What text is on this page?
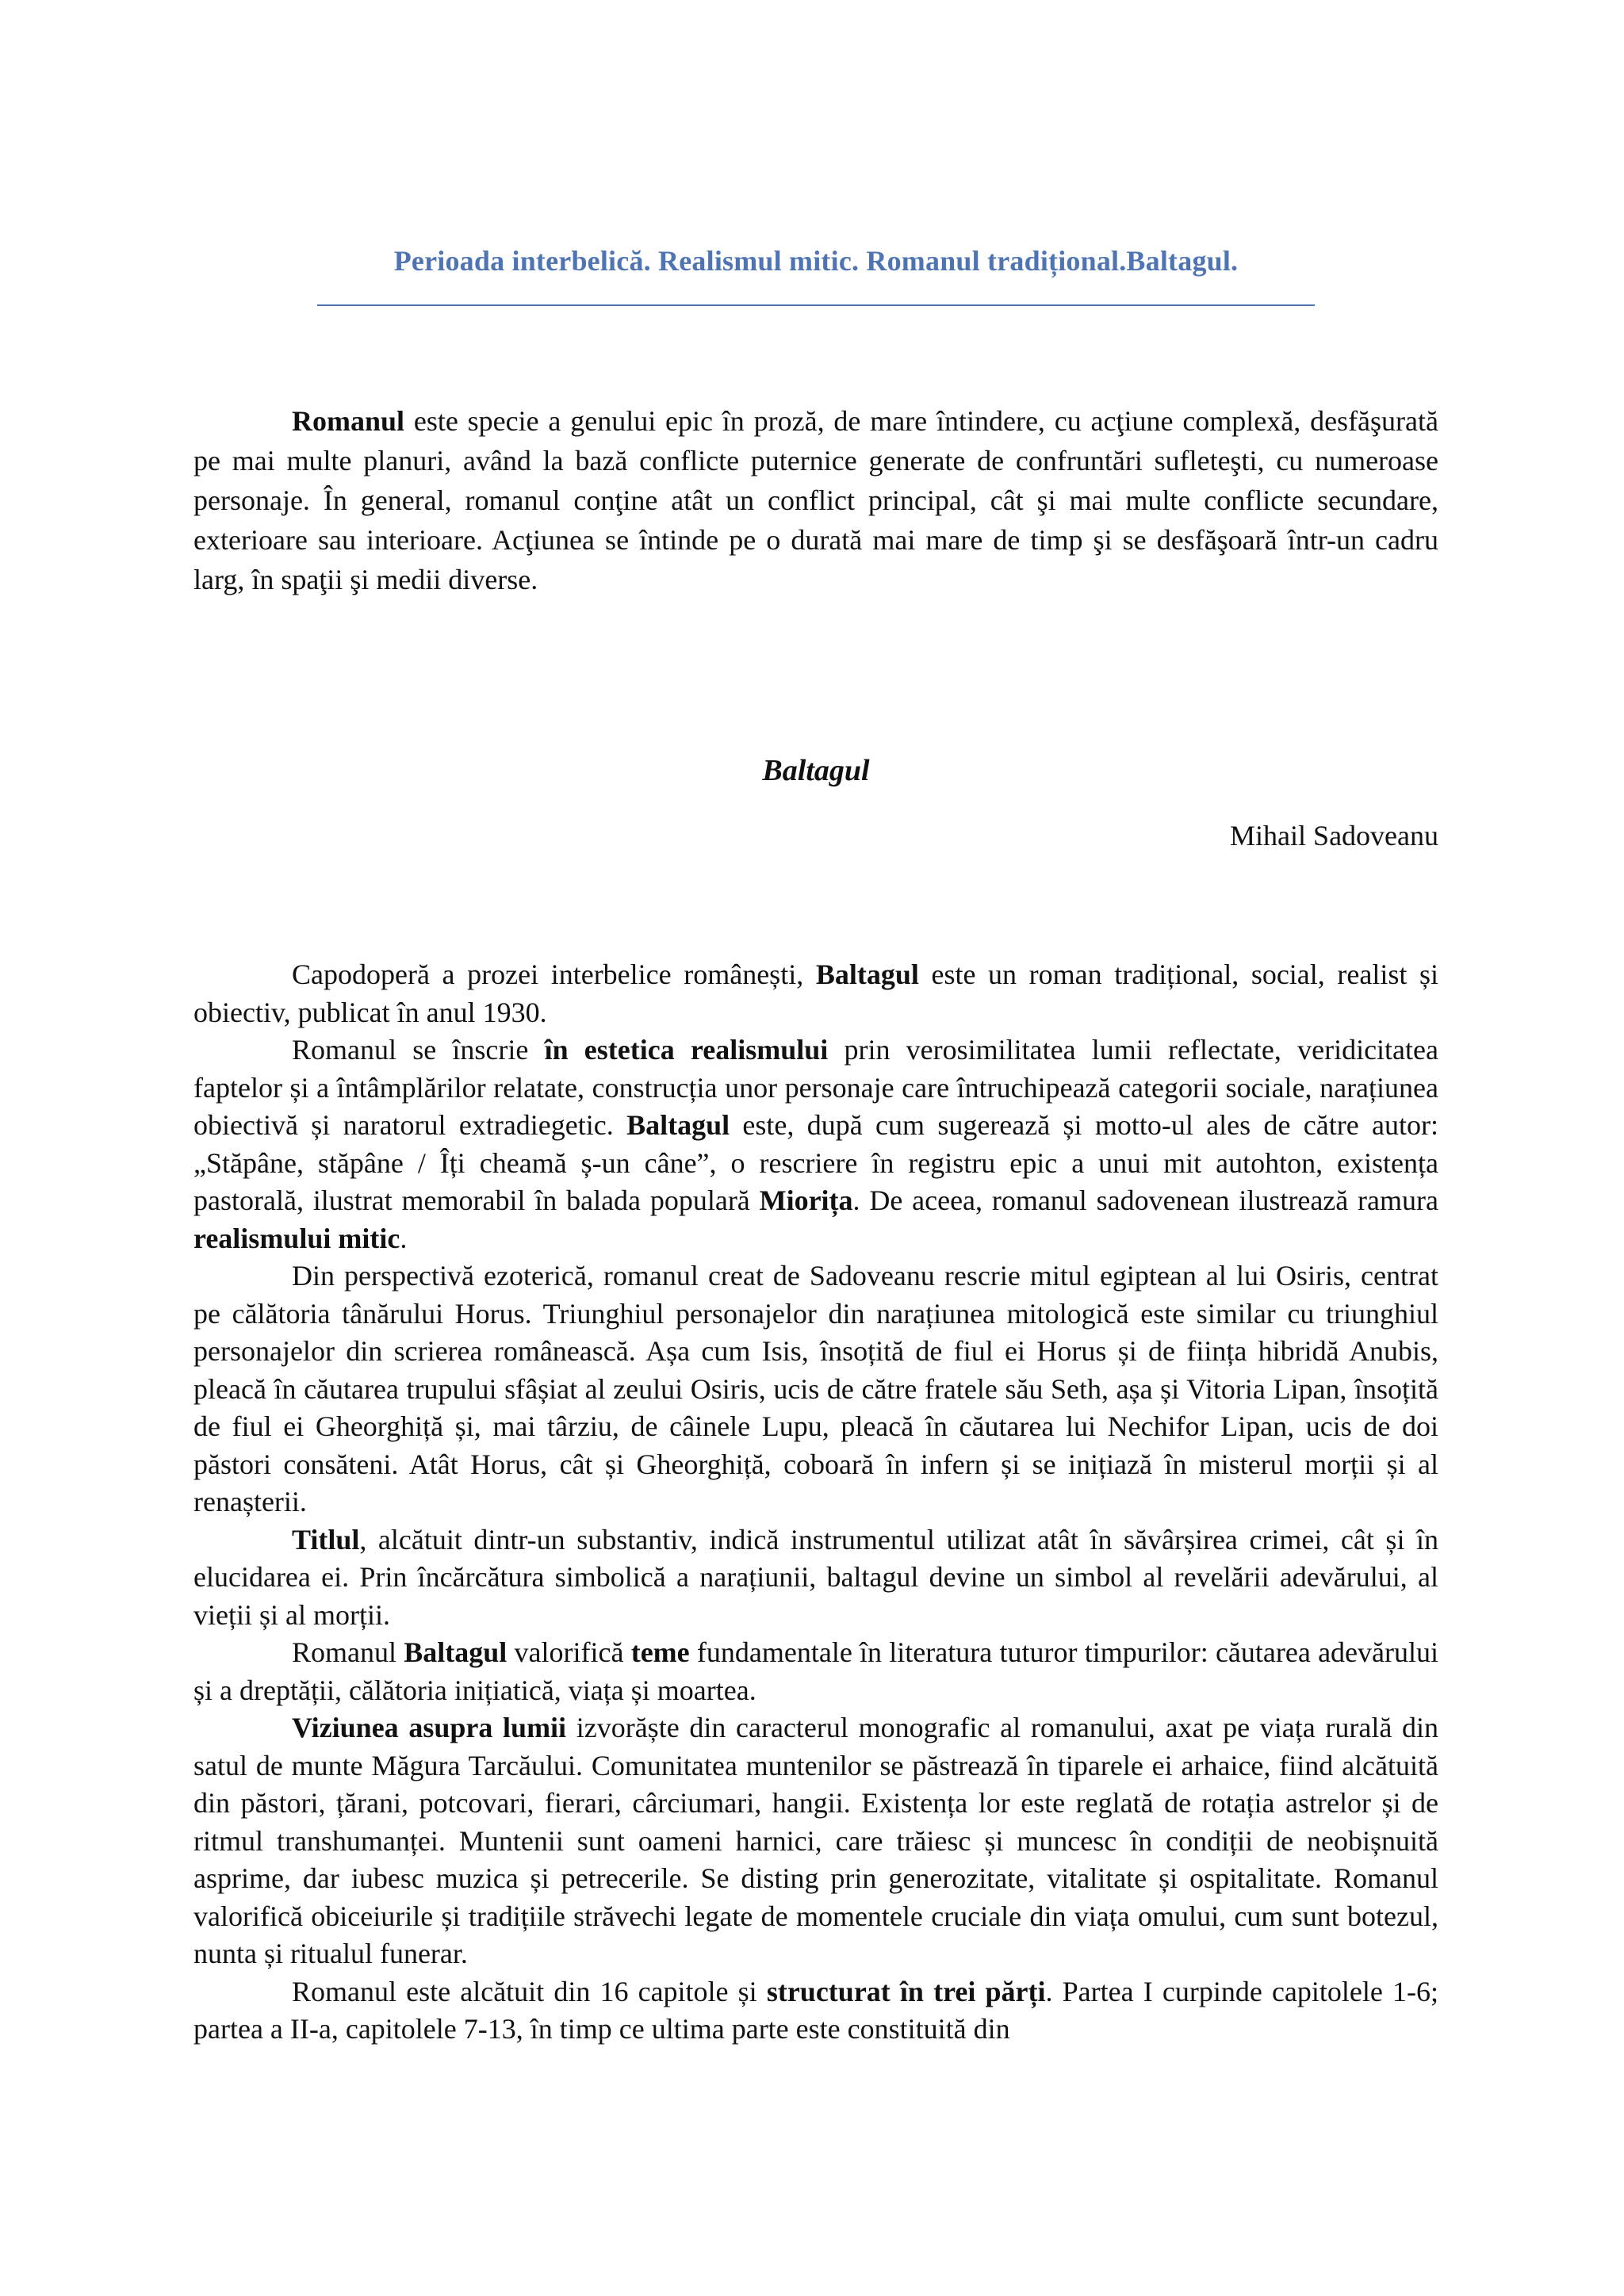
Perioada interbelică. Realismul mitic. Romanul tradițional.Baltagul.

Romanul este specie a genului epic în proză, de mare întindere, cu acţiune complexă, desfăşurată pe mai multe planuri, având la bază conflicte puternice generate de confruntări sufleteşti, cu numeroase personaje. În general, romanul conţine atât un conflict principal, cât şi mai multe conflicte secundare, exterioare sau interioare. Acţiunea se întinde pe o durată mai mare de timp şi se desfăşoară într-un cadru larg, în spaţii şi medii diverse.

Baltagul
Mihail Sadoveanu

Capodoperă a prozei interbelice românești, Baltagul este un roman tradițional, social, realist și obiectiv, publicat în anul 1930.

Romanul se înscrie în estetica realismului prin verosimilitatea lumii reflectate, veridicitatea faptelor și a întâmplărilor relatate, construcția unor personaje care întruchipează categorii sociale, narațiunea obiectivă și naratorul extradiegetic. Baltagul este, după cum sugerează și motto-ul ales de către autor: „Stăpâne, stăpâne / Îți cheamă ș-un câne”, o rescriere în registru epic a unui mit autohton, existența pastorală, ilustrat memorabil în balada populară Miorița. De aceea, romanul sadovenean ilustrează ramura realismului mitic.

Din perspectivă ezoterică, romanul creat de Sadoveanu rescrie mitul egiptean al lui Osiris, centrat pe călătoria tânărului Horus. Triunghiul personajelor din narațiunea mitologică este similar cu triunghiul personajelor din scrierea românească. Așa cum Isis, însoțită de fiul ei Horus și de ființa hibridă Anubis, pleacă în căutarea trupului sfâșiat al zeului Osiris, ucis de către fratele său Seth, așa și Vitoria Lipan, însoțită de fiul ei Gheorghiță și, mai târziu, de câinele Lupu, pleacă în căutarea lui Nechifor Lipan, ucis de doi păstori consăteni. Atât Horus, cât și Gheorghiță, coboară în infern și se inițiază în misterul morții și al renașterii.

Titlul, alcătuit dintr-un substantiv, indică instrumentul utilizat atât în săvârșirea crimei, cât și în elucidarea ei. Prin încărcătura simbolică a narațiunii, baltagul devine un simbol al revelării adevărului, al vieții și al morții.

Romanul Baltagul valorifică teme fundamentale în literatura tuturor timpurilor: căutarea adevărului și a dreptății, călătoria inițiatică, viața și moartea.

Viziunea asupra lumii izvorăște din caracterul monografic al romanului, axat pe viața rurală din satul de munte Măgura Tarcăului. Comunitatea muntenilor se păstrează în tiparele ei arhaice, fiind alcătuită din păstori, țărani, potcovari, fierari, cârciumari, hangii. Existența lor este reglată de rotația astrelor și de ritmul transhumanței. Muntenii sunt oameni harnici, care trăiesc și muncesc în condiții de neobișnuită asprime, dar iubesc muzica și petrecerile. Se disting prin generozitate, vitalitate și ospitalitate. Romanul valorifică obiceiurile și tradițiile străvechi legate de momentele cruciale din viața omului, cum sunt botezul, nunta și ritualul funerar.

Romanul este alcătuit din 16 capitole și structurat în trei părți. Partea I curpinde capitolele 1-6; partea a II-a, capitolele 7-13, în timp ce ultima parte este constituită din
